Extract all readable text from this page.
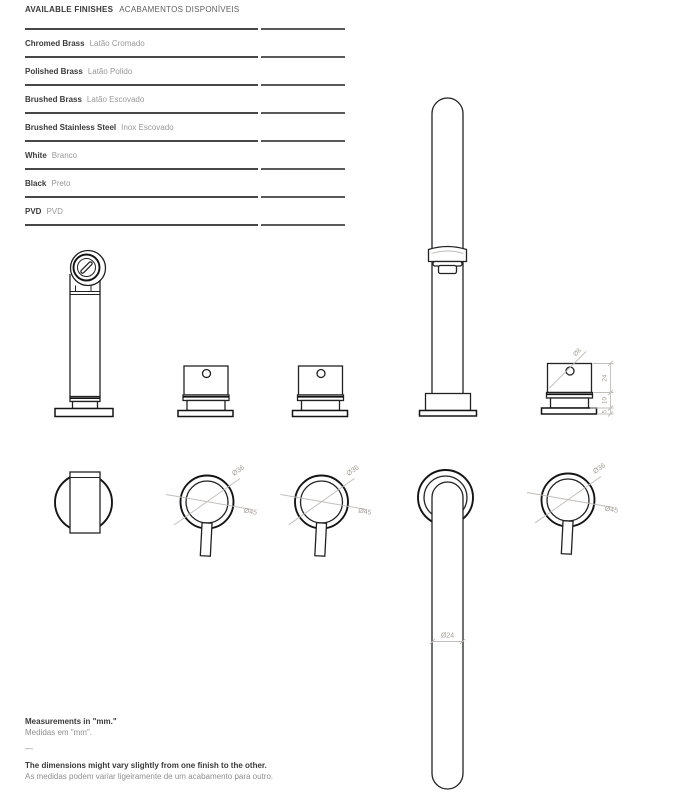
AVAILABLE FINISHES ACABAMENTOS DISPONÍVEIS
Chromed Brass Latão Cromado
Polished Brass Latão Polido
Brushed Brass Latão Escovado
Brushed Stainless Steel Inox Escovado
White Branco
Black Preto
PVD PVD
Ø8
24
10
5
Ø36
Ø45
Ø24
Measurements in "mm."
Medidas em "mm".
—
The dimensions might vary slightly from one finish to the other.
As medidas podem variar ligeiramente de um acabamento para outro.
